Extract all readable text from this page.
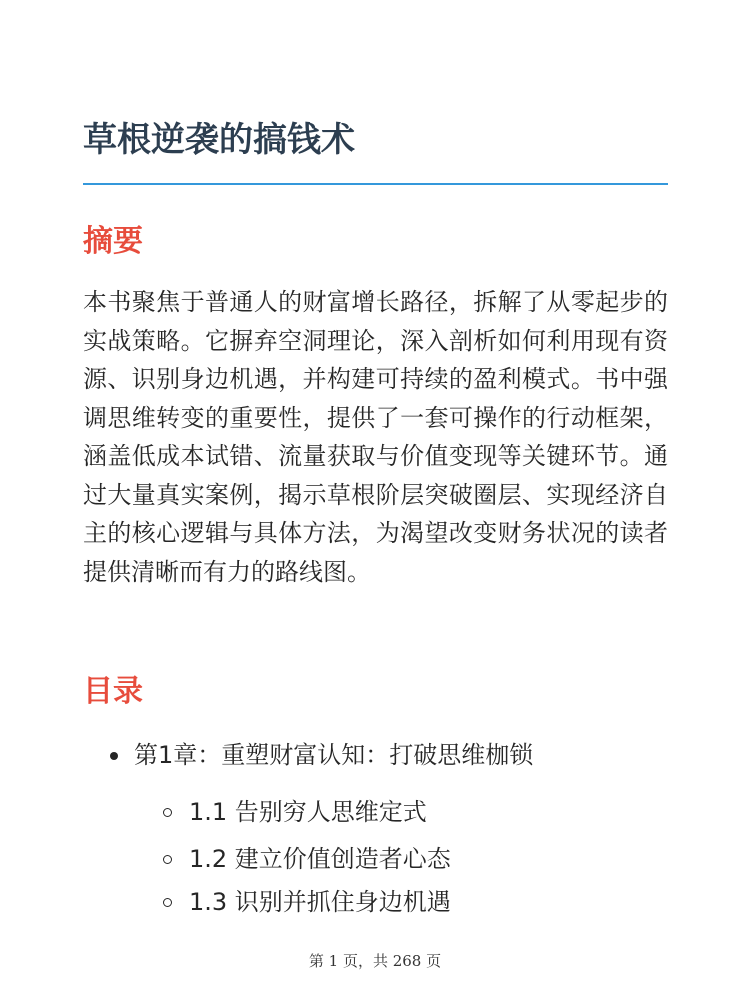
草根逆袭的搞钱术
摘要

本书聚焦于普通人的财富增长路径，拆解了从零起步的实战策略。它摒弃空洞理论，深入剖析如何利用现有资源、识别身边机遇，并构建可持续的盈利模式。书中强调思维转变的重要性，提供了一套可操作的行动框架，涵盖低成本试错、流量获取与价值变现等关键环节。通过大量真实案例，揭示草根阶层突破圈层、实现经济自主的核心逻辑与具体方法，为渴望改变财务状况的读者提供清晰而有力的路线图。

目录
第1章：重塑财富认知：打破思维枷锁
1.1 告别穷人思维定式
1.2 建立价值创造者心态
1.3 识别并抓住身边机遇
第 1 页，共 268 页
